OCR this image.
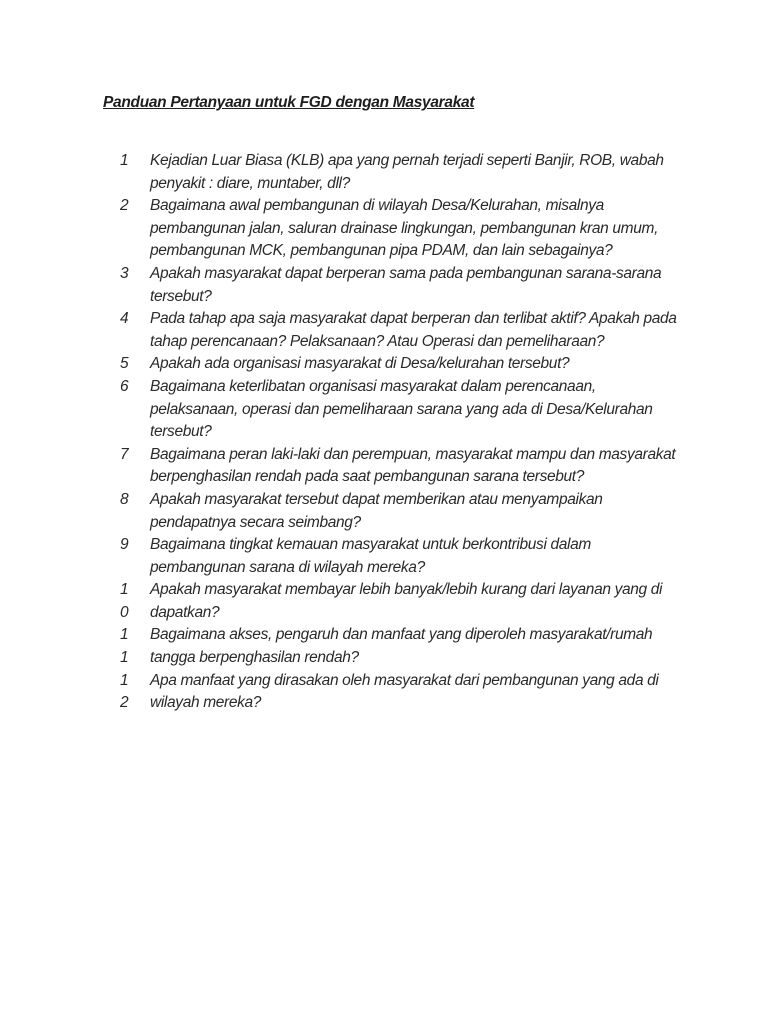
Panduan Pertanyaan untuk FGD dengan Masyarakat
1	Kejadian Luar Biasa (KLB) apa yang pernah terjadi seperti Banjir, ROB, wabah
penyakit : diare, muntaber, dll?
2	Bagaimana awal pembangunan di wilayah Desa/Kelurahan, misalnya
pembangunan jalan, saluran drainase lingkungan, pembangunan kran umum,
pembangunan MCK, pembangunan pipa PDAM, dan lain sebagainya?
3	Apakah masyarakat dapat berperan sama pada pembangunan sarana-sarana
tersebut?
4	Pada tahap apa saja masyarakat dapat berperan dan terlibat aktif? Apakah pada
tahap perencanaan? Pelaksanaan? Atau Operasi dan pemeliharaan?
5	Apakah ada organisasi masyarakat di Desa/kelurahan tersebut?
6	Bagaimana keterlibatan organisasi masyarakat dalam perencanaan,
pelaksanaan, operasi dan pemeliharaan sarana yang ada di Desa/Kelurahan
tersebut?
7	Bagaimana peran laki-laki dan perempuan, masyarakat mampu dan masyarakat
berpenghasilan rendah pada saat pembangunan sarana tersebut?
8	Apakah masyarakat tersebut dapat memberikan atau menyampaikan
pendapatnya secara seimbang?
9	Bagaimana tingkat kemauan masyarakat untuk berkontribusi dalam
pembangunan sarana di wilayah mereka?
1
0
Apakah masyarakat membayar lebih banyak/lebih kurang dari layanan yang di
dapatkan?
1
1
Bagaimana akses, pengaruh dan manfaat yang diperoleh masyarakat/rumah
tangga berpenghasilan rendah?
1
2
Apa manfaat yang dirasakan oleh masyarakat dari pembangunan yang ada di
wilayah mereka?
